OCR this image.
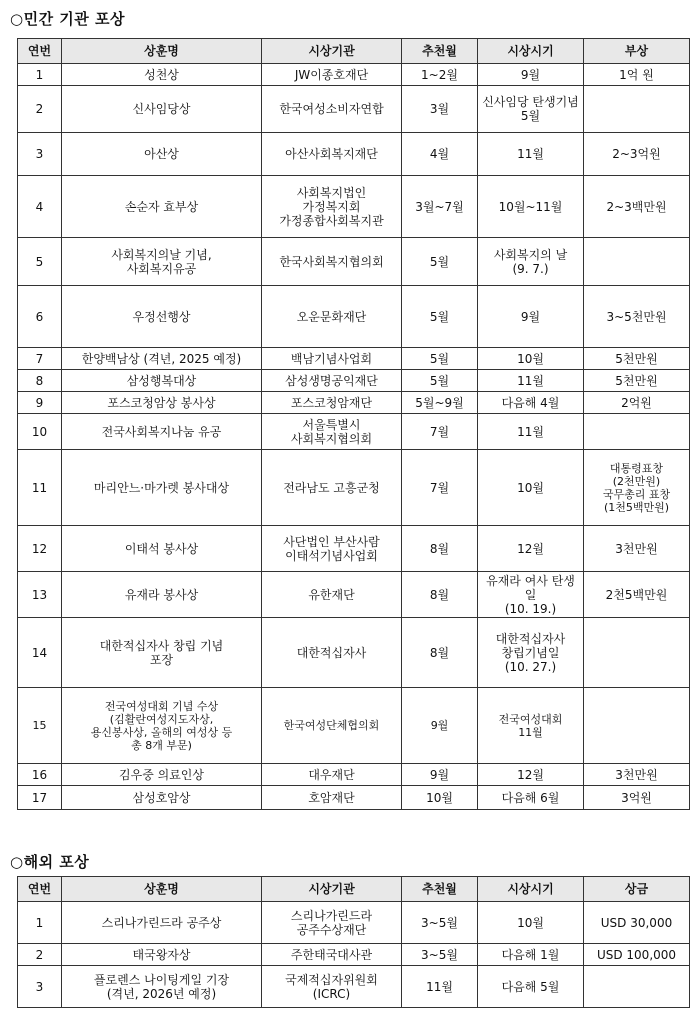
○민간 기관 포상
연번	상훈명	시상기관	추천월	시상시기	부상
1	성천상	JW이종호재단	1~2월	9월	1억 원
2	신사임당상	한국여성소비자연합	3월	신사임당 탄생기념
5월	
3	아산상	아산사회복지재단	4월	11월	2~3억원
4	손순자 효부상	사회복지법인
가정복지회
가정종합사회복지관	3월~7월	10월~11월	2~3백만원
5	사회복지의날 기념,
사회복지유공	한국사회복지협의회	5월	사회복지의 날
(9. 7.)	
6	우정선행상	오운문화재단	5월	9월	3~5천만원
7	한양백남상 (격년, 2025 예정)	백남기념사업회	5월	10월	5천만원
8	삼성행복대상	삼성생명공익재단	5월	11월	5천만원
9	포스코청암상 봉사상	포스코청암재단	5월~9월	다음해 4월	2억원
10	전국사회복지나눔 유공	서울특별시
사회복지협의회	7월	11월	
11	마리안느·마가렛 봉사대상	전라남도 고흥군청	7월	10월	대통령표창
(2천만원)
국무총리 표창
(1천5백만원)
12	이태석 봉사상	사단법인 부산사람
이태석기념사업회	8월	12월	3천만원
13	유재라 봉사상	유한재단	8월	유재라 여사 탄생일
(10. 19.)	2천5백만원
14	대한적십자사 창립 기념
포장	대한적십자사	8월	대한적십자사
창립기념일
(10. 27.)	
15	전국여성대회 기념 수상
(김활란여성지도자상,
용신봉사상, 올해의 여성상 등
총 8개 부문)	한국여성단체협의회	9월	전국여성대회
11월	
16	김우중 의료인상	대우재단	9월	12월	3천만원
17	삼성호암상	호암재단	10월	다음해 6월	3억원
○해외 포상
연번	상훈명	시상기관	추천월	시상시기	상금
1	스리나가린드라 공주상	스리나가린드라
공주수상재단	3~5월	10월	USD 30,000
2	태국왕자상	주한태국대사관	3~5월	다음해 1월	USD 100,000
3	플로렌스 나이팅게일 기장
(격년, 2026년 예정)	국제적십자위원회
(ICRC)	11월	다음해 5월	
